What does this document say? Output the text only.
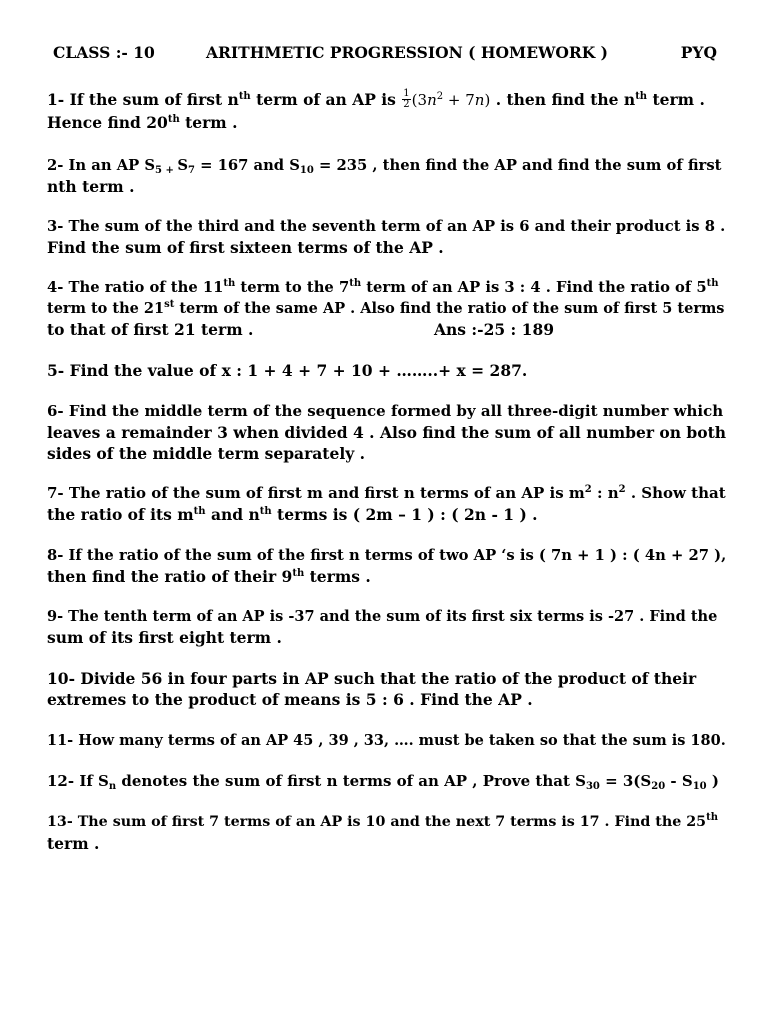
CLASS :- 10	ARITHMETIC PROGRESSION ( HOMEWORK )	PYQ
1- If the sum of first $n^{th}$ term of an AP is $\frac{1}{2} (3n^2 + 7n)$ . then find the $n^{th}$ term .
Hence find 20th term .
2- In an AP $S_{5 +}$ $S_7 = 167$ and $S_{10} = 235$ , then find the AP and find the sum of first
nth term .
3- The sum of the third and the seventh term of an AP is 6 and their product is 8 .
Find the sum of first sixteen terms of the AP .
4- The ratio of the 11th term to the 7th term of an AP is 3 : 4 . Find the ratio of 5th
term to the 21st term of the same AP . Also find the ratio of the sum of first 5 terms
to that of first 21 term .	Ans :-25 : 189
5- Find the value of x : 1 + 4 + 7 + 10 + ……..+ x = 287.
6- Find the middle term of the sequence formed by all three-digit number which
leaves a remainder 3 when divided 4 . Also find the sum of all number on both
sides of the middle term separately .
7- The ratio of the sum of first m and first n terms of an AP is $m^2$ : $n^2$ . Show that
the ratio of its $m^{th}$ and $n^{th}$ terms is ( 2m – 1 ) : ( 2n - 1 ) .
8- If the ratio of the sum of the first n terms of two AP ‘s is ( 7n + 1 ) : ( 4n + 27 ),
then find the ratio of their 9th terms .
9- The tenth term of an AP is -37 and the sum of its first six terms is -27 . Find the
sum of its first eight term .
10- Divide 56 in four parts in AP such that the ratio of the product of their
extremes to the product of means is 5 : 6 . Find the AP .
11- How many terms of an AP 45 , 39 , 33, …. must be taken so that the sum is 180.
12- If $S_n$ denotes the sum of first n terms of an AP , Prove that $S_{30} = 3(S_{20} - S_{10}$ )
13- The sum of first 7 terms of an AP is 10 and the next 7 terms is 17 . Find the 25th
term .
